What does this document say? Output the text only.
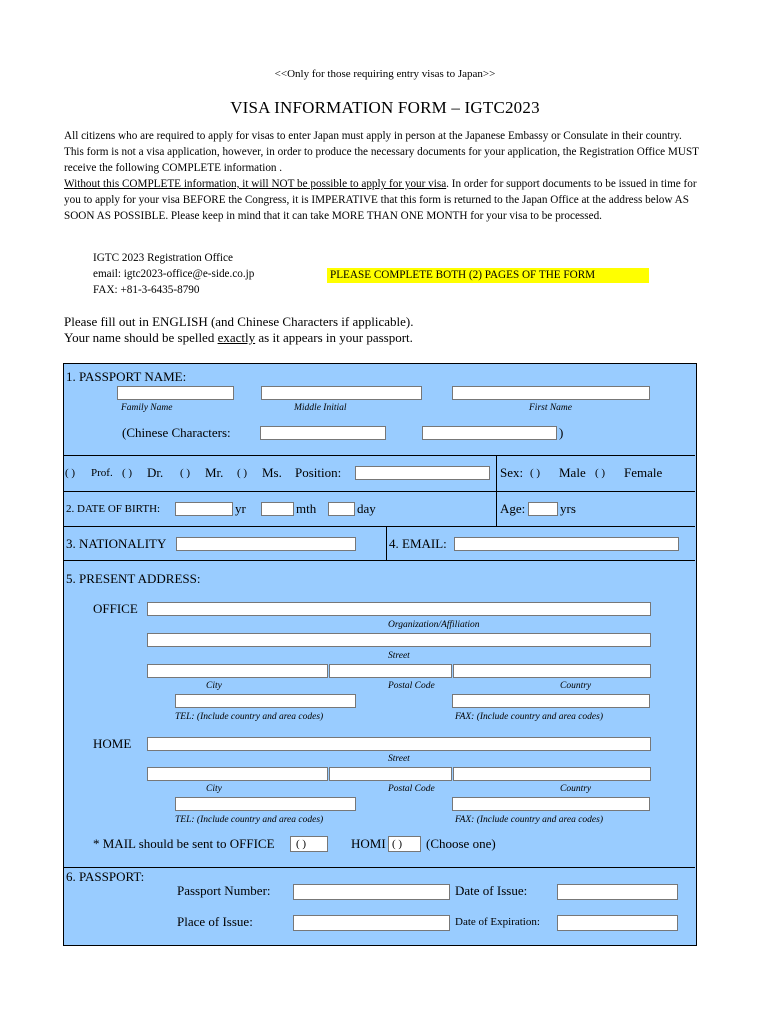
<<Only for those requiring entry visas to Japan>>
VISA INFORMATION FORM – IGTC2023

All citizens who are required to apply for visas to enter Japan must apply in person at the Japanese Embassy or Consulate in their country. This form is not a visa application, however, in order to produce the necessary documents for your application, the Registration Office MUST receive the following COMPLETE information .
Without this COMPLETE information, it will NOT be possible to apply for your visa. In order for support documents to be issued in time for you to apply for your visa BEFORE the Congress, it is IMPERATIVE that this form is returned to the Japan Office at the address below AS SOON AS POSSIBLE. Please keep in mind that it can take MORE THAN ONE MONTH for your visa to be processed.

IGTC 2023 Registration Office
email: igtc2023-office@e-side.co.jp
FAX: +81-3-6435-8790
PLEASE COMPLETE BOTH (2) PAGES OF THE FORM
Please fill out in ENGLISH (and Chinese Characters if applicable).
Your name should be spelled exactly as it appears in your passport.
1. PASSPORT NAME:
Family Name	Middle Initial	First Name
(Chinese Characters:	)
( ) Prof. ( ) Dr. ( ) Mr. ( ) Ms. Position:	Sex: ( ) Male ( ) Female
2. DATE OF BIRTH:	yr	mth	day	Age:	yrs
3. NATIONALITY	4. EMAIL:
5. PRESENT ADDRESS:
OFFICE
Organization/Affiliation
Street
City	Postal Code	Country
TEL: (Include country and area codes)	FAX: (Include country and area codes)
HOME
Street
City	Postal Code	Country
TEL: (Include country and area codes)	FAX: (Include country and area codes)
* MAIL should be sent to OFFICE ( )	HOMI ( ) (Choose one)
6. PASSPORT:
Passport Number:	Date of Issue:
Place of Issue:	Date of Expiration:
